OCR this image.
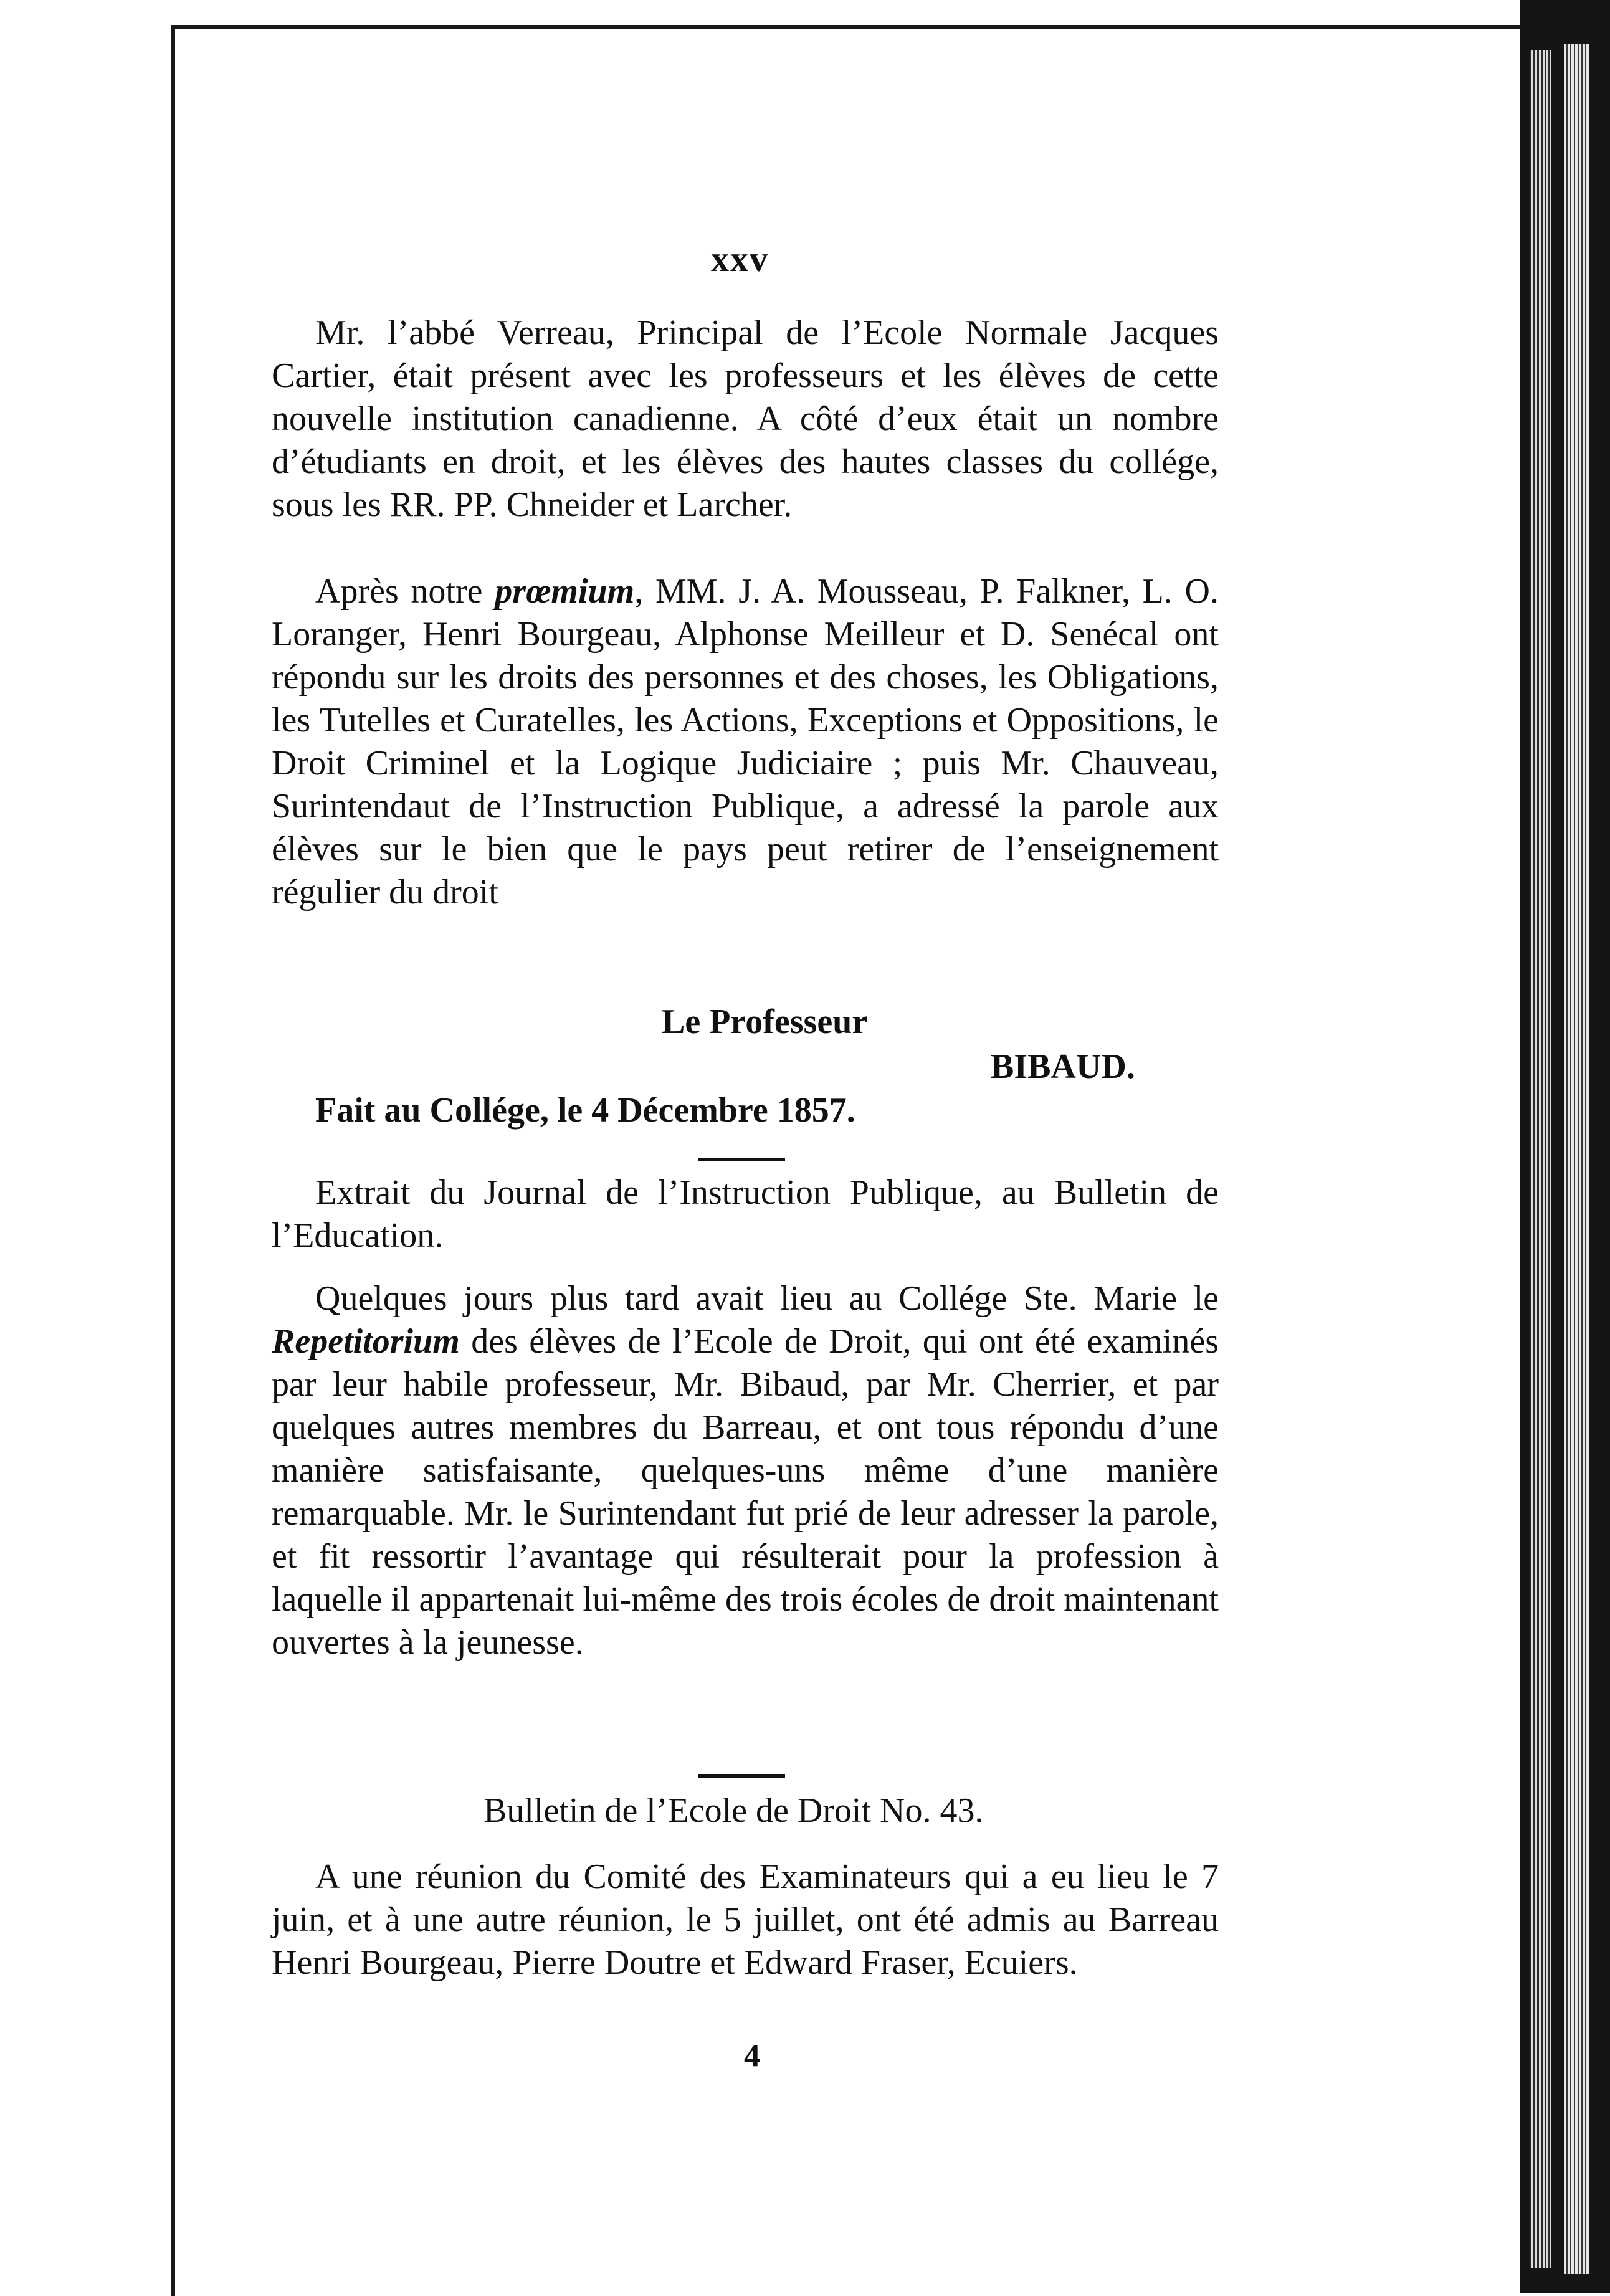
xxv

Mr. l’abbé Verreau, Principal de l’Ecole Normale Jacques Cartier, était présent avec les professeurs et les élèves de cette nouvelle institution canadienne. A côté d’eux était un nombre d’étudiants en droit, et les élèves des hautes classes du collége, sous les RR. PP. Chneider et Larcher.

Après notre prœmium, MM. J. A. Mousseau, P. Falkner, L. O. Loranger, Henri Bourgeau, Alphonse Meilleur et D. Senécal ont répondu sur les droits des personnes et des choses, les Obligations, les Tutelles et Curatelles, les Actions, Exceptions et Oppositions, le Droit Criminel et la Logique Judiciaire ; puis Mr. Chauveau, Surintendaut de l’Instruction Publique, a adressé la parole aux élèves sur le bien que le pays peut retirer de l’enseignement régulier du droit

Le Professeur
BIBAUD.
Fait au Collége, le 4 Décembre 1857.

Extrait du Journal de l’Instruction Publique, au Bulletin de l’Education.

Quelques jours plus tard avait lieu au Collége Ste. Marie le Repetitorium des élèves de l’Ecole de Droit, qui ont été examinés par leur habile professeur, Mr. Bibaud, par Mr. Cherrier, et par quelques autres membres du Barreau, et ont tous répondu d’une manière satisfaisante, quelques-uns même d’une manière remarquable. Mr. le Surintendant fut prié de leur adresser la parole, et fit ressortir l’avantage qui résulterait pour la profession à laquelle il appartenait lui-même des trois écoles de droit maintenant ouvertes à la jeunesse.

Bulletin de l’Ecole de Droit No. 43.

A une réunion du Comité des Examinateurs qui a eu lieu le 7 juin, et à une autre réunion, le 5 juillet, ont été admis au Barreau Henri Bourgeau, Pierre Doutre et Edward Fraser, Ecuiers.

4
